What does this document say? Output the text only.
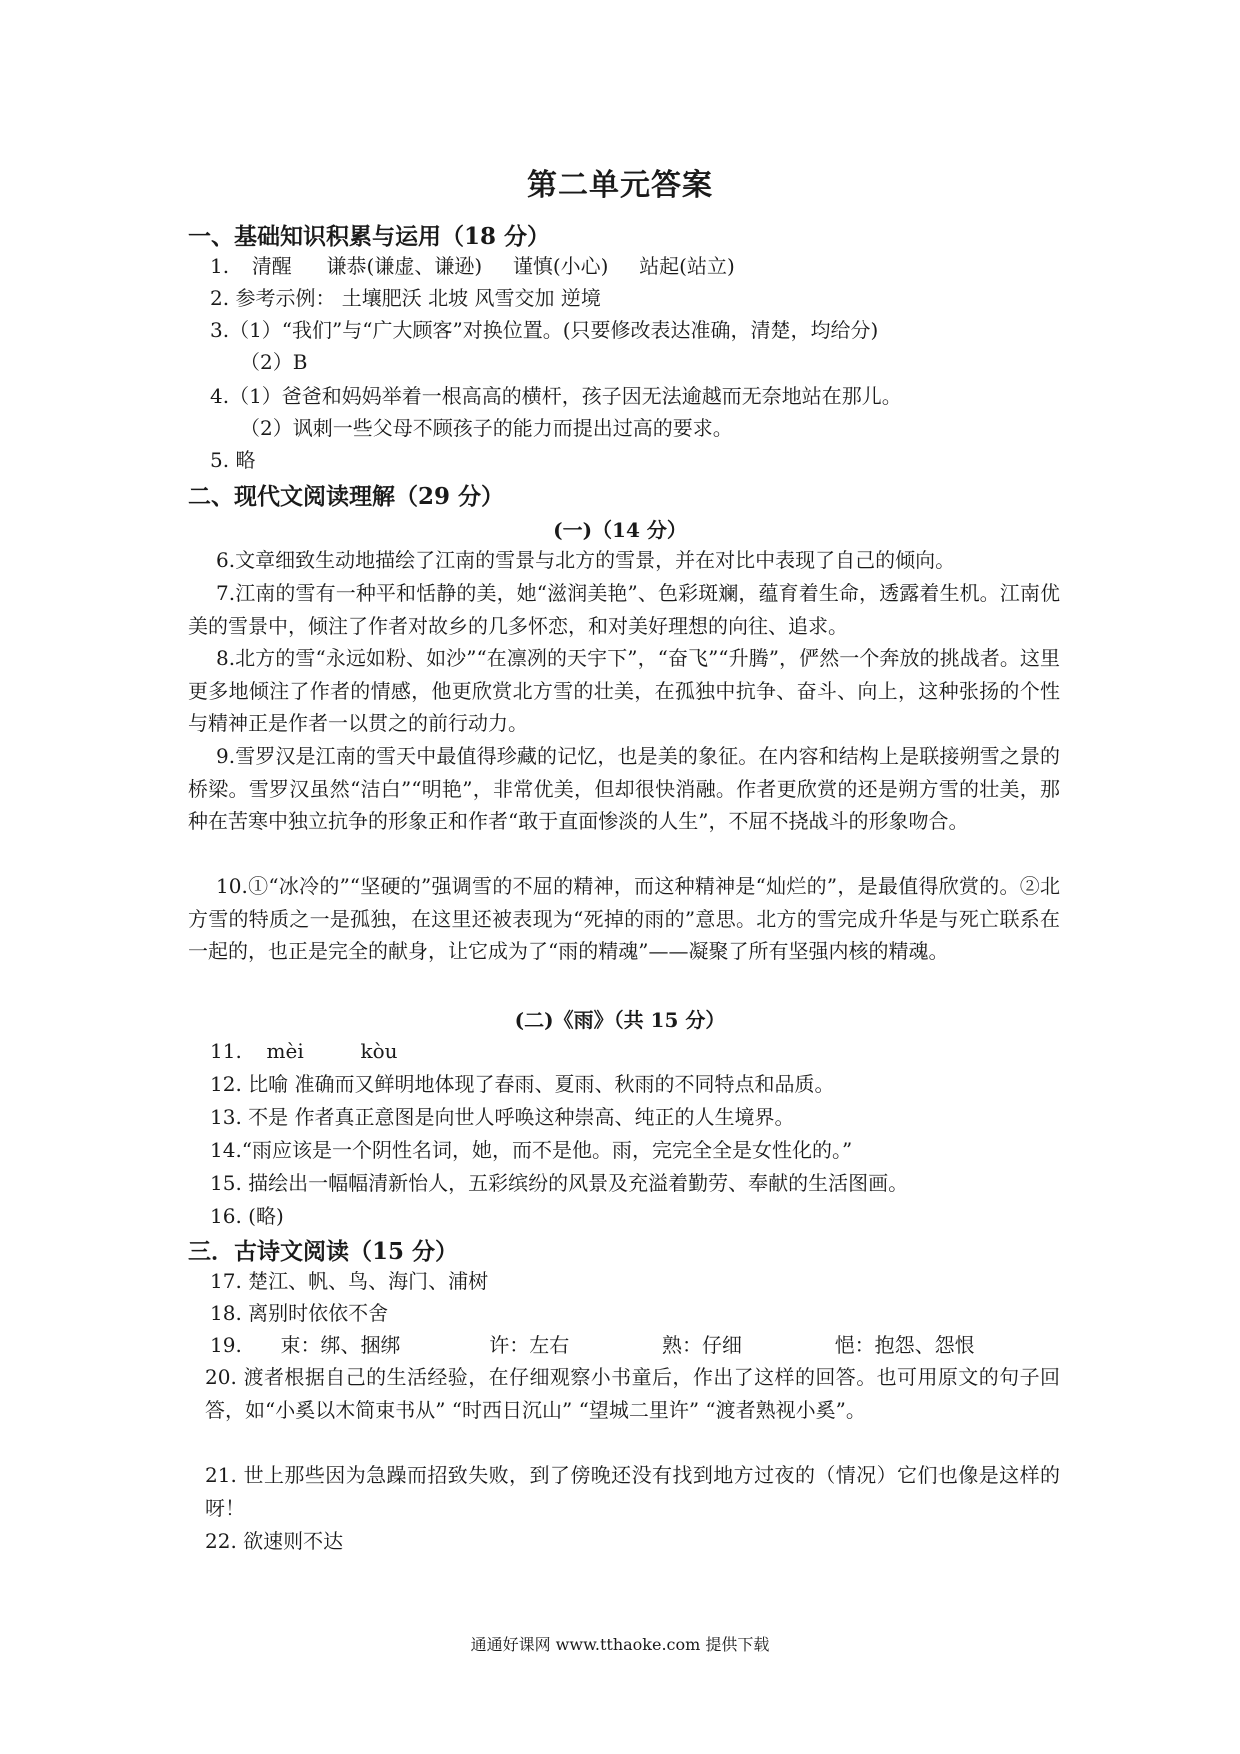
第二单元答案
一、基础知识积累与运用（18 分）
1. 清醒 谦恭(谦虚、谦逊) 谨慎(小心) 站起(站立)
2. 参考示例： 土壤肥沃 北坡 风雪交加 逆境
3.（1）“我们”与“广大顾客”对换位置。(只要修改表达准确，清楚，均给分)
（2）B
4.（1）爸爸和妈妈举着一根高高的横杆，孩子因无法逾越而无奈地站在那儿。
（2）讽刺一些父母不顾孩子的能力而提出过高的要求。
5. 略
二、现代文阅读理解（29 分）
(一)（14 分）
6.文章细致生动地描绘了江南的雪景与北方的雪景，并在对比中表现了自己的倾向。
7.江南的雪有一种平和恬静的美，她“滋润美艳”、色彩斑斓，蕴育着生命，透露着生机。江南优美的雪景中，倾注了作者对故乡的几多怀恋，和对美好理想的向往、追求。
8.北方的雪“永远如粉、如沙”“在凛冽的天宇下”，“奋飞”“升腾”，俨然一个奔放的挑战者。这里更多地倾注了作者的情感，他更欣赏北方雪的壮美，在孤独中抗争、奋斗、向上，这种张扬的个性与精神正是作者一以贯之的前行动力。
9.雪罗汉是江南的雪天中最值得珍藏的记忆，也是美的象征。在内容和结构上是联接朔雪之景的桥梁。雪罗汉虽然“洁白”“明艳”，非常优美，但却很快消融。作者更欣赏的还是朔方雪的壮美，那种在苦寒中独立抗争的形象正和作者“敢于直面惨淡的人生”，不屈不挠战斗的形象吻合。
10.①“冰冷的”“坚硬的”强调雪的不屈的精神，而这种精神是“灿烂的”，是最值得欣赏的。②北方雪的特质之一是孤独，在这里还被表现为“死掉的雨的”意思。北方的雪完成升华是与死亡联系在一起的，也正是完全的献身，让它成为了“雨的精魂”——凝聚了所有坚强内核的精魂。
(二)《雨》（共 15 分）
11. mèi	kòu
12. 比喻 准确而又鲜明地体现了春雨、夏雨、秋雨的不同特点和品质。
13. 不是 作者真正意图是向世人呼唤这种崇高、纯正的人生境界。
14.“雨应该是一个阴性名词，她，而不是他。雨，完完全全是女性化的。”
15. 描绘出一幅幅清新怡人，五彩缤纷的风景及充溢着勤劳、奉献的生活图画。
16. (略)
三．古诗文阅读（15 分）
17. 楚江、帆、鸟、海门、浦树
18. 离别时依依不舍
19. 束：绑、捆绑	许：左右	熟：仔细	悒：抱怨、怨恨
20. 渡者根据自己的生活经验，在仔细观察小书童后，作出了这样的回答。也可用原文的句子回答，如“小奚以木简束书从” “时西日沉山” “望城二里许” “渡者熟视小奚”。
21. 世上那些因为急躁而招致失败，到了傍晚还没有找到地方过夜的（情况）它们也像是这样的呀！
22. 欲速则不达
通通好课网 www.tthaoke.com 提供下载
